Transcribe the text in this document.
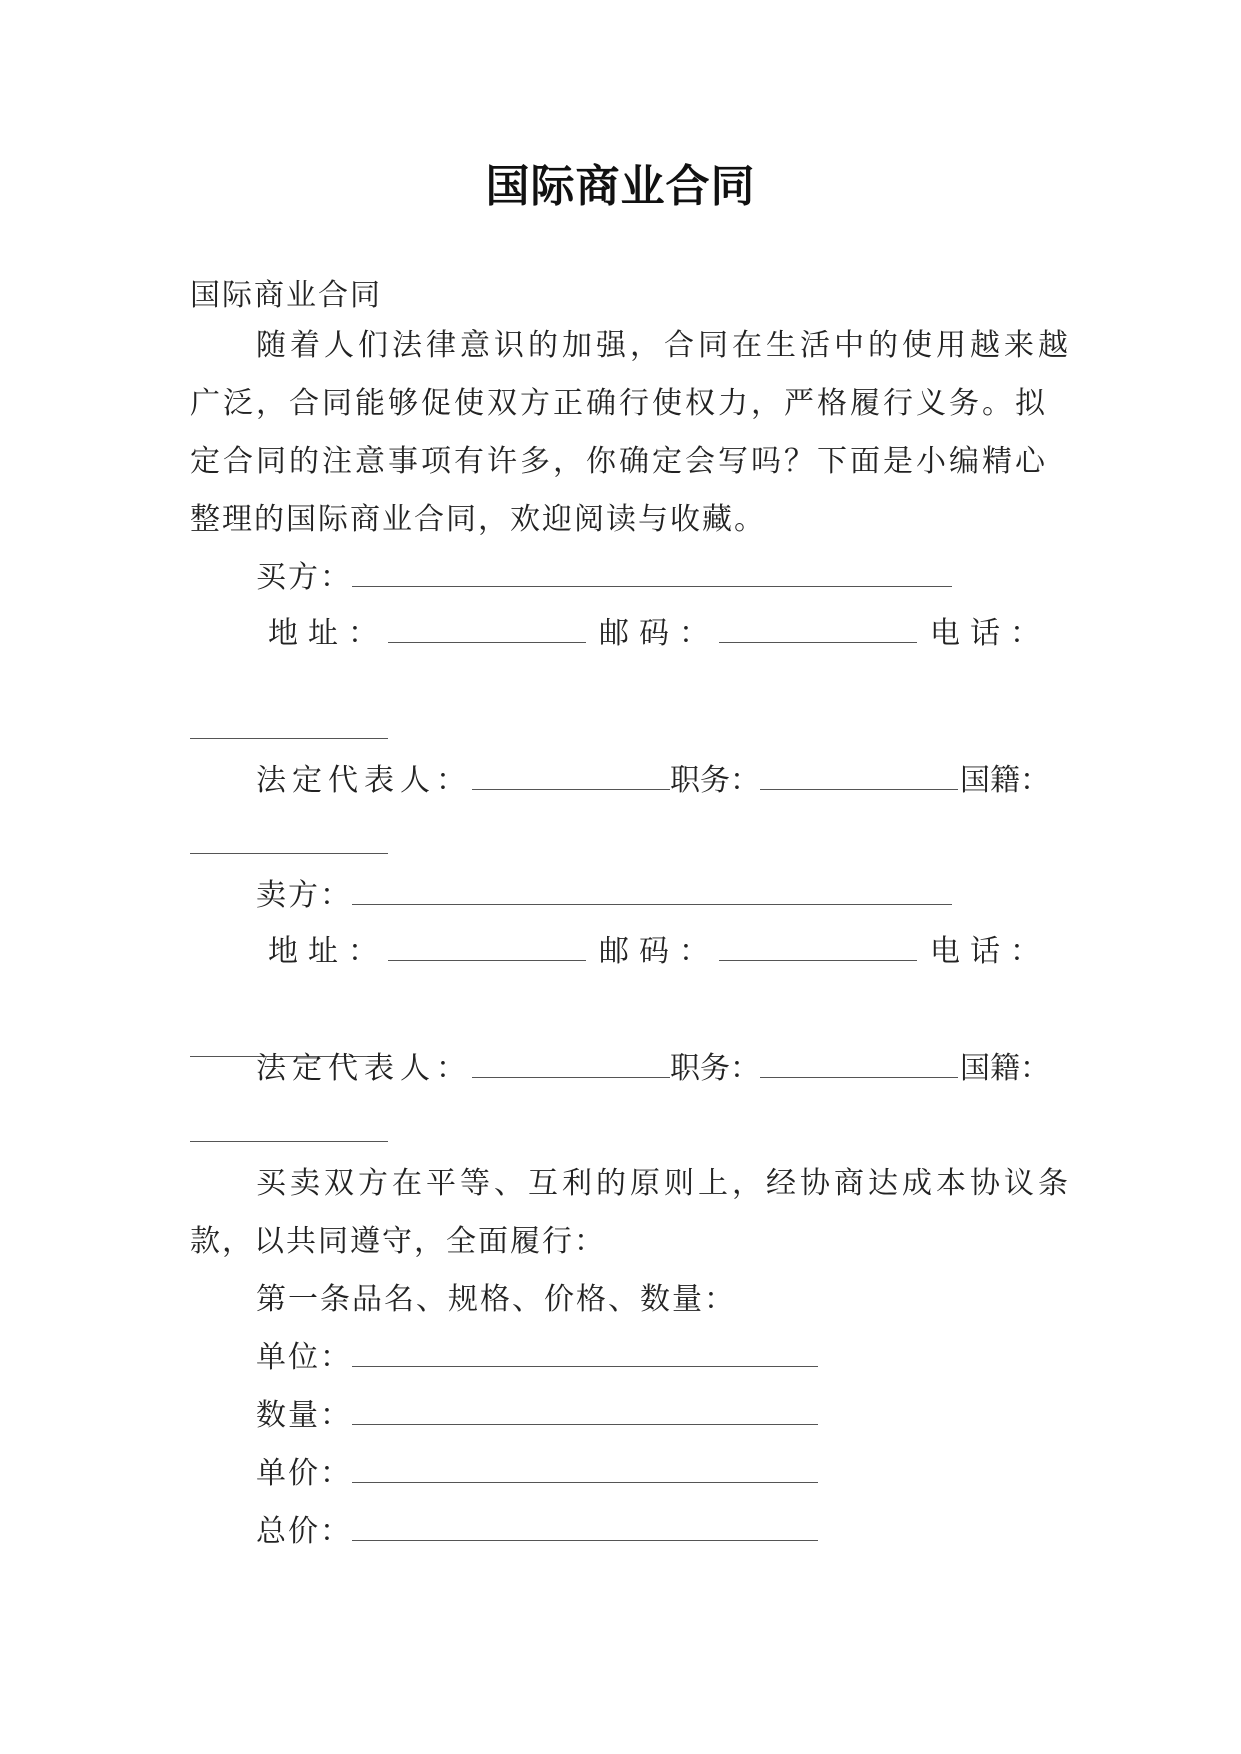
国际商业合同
国际商业合同
随着人们法律意识的加强，合同在生活中的使用越来越
广泛，合同能够促使双方正确行使权力，严格履行义务。拟
定合同的注意事项有许多，你确定会写吗？下面是小编精心
整理的国际商业合同，欢迎阅读与收藏。
买方：
地址：	邮码：	电话：
法定代表人：	职务：	国籍：
卖方：
地址：	邮码：	电话：
法定代表人：	职务：	国籍：
买卖双方在平等、互利的原则上，经协商达成本协议条
款，以共同遵守，全面履行：
第一条品名、规格、价格、数量：
单位：
数量：
单价：
总价：
